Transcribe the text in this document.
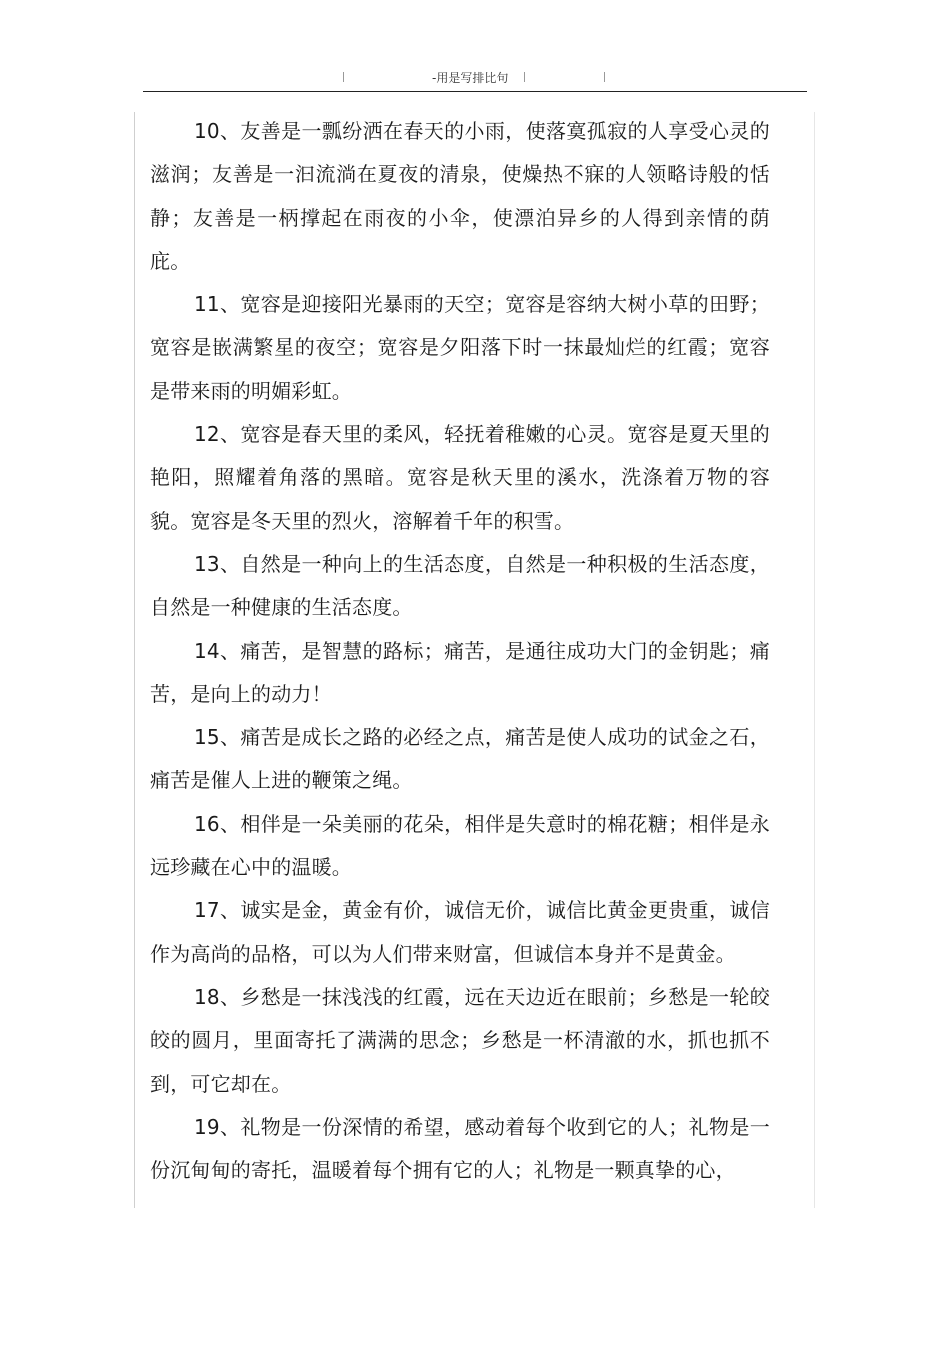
-用是写排比句

10、友善是一瓢纷洒在春天的小雨，使落寞孤寂的人享受心灵的滋润；友善是一汩流淌在夏夜的清泉，使燥热不寐的人领略诗般的恬静；友善是一柄撑起在雨夜的小伞，使漂泊异乡的人得到亲情的荫庇。

11、宽容是迎接阳光暴雨的天空；宽容是容纳大树小草的田野；宽容是嵌满繁星的夜空；宽容是夕阳落下时一抹最灿烂的红霞；宽容是带来雨的明媚彩虹。

12、宽容是春天里的柔风，轻抚着稚嫩的心灵。宽容是夏天里的艳阳，照耀着角落的黑暗。宽容是秋天里的溪水，洗涤着万物的容貌。宽容是冬天里的烈火，溶解着千年的积雪。

13、自然是一种向上的生活态度，自然是一种积极的生活态度，自然是一种健康的生活态度。

14、痛苦，是智慧的路标；痛苦，是通往成功大门的金钥匙；痛苦，是向上的动力！

15、痛苦是成长之路的必经之点，痛苦是使人成功的试金之石，痛苦是催人上进的鞭策之绳。

16、相伴是一朵美丽的花朵，相伴是失意时的棉花糖；相伴是永远珍藏在心中的温暖。

17、诚实是金，黄金有价，诚信无价，诚信比黄金更贵重，诚信作为高尚的品格，可以为人们带来财富，但诚信本身并不是黄金。

18、乡愁是一抹浅浅的红霞，远在天边近在眼前；乡愁是一轮皎皎的圆月，里面寄托了满满的思念；乡愁是一杯清澈的水，抓也抓不到，可它却在。

19、礼物是一份深情的希望，感动着每个收到它的人；礼物是一份沉甸甸的寄托，温暖着每个拥有它的人；礼物是一颗真挚的心，
